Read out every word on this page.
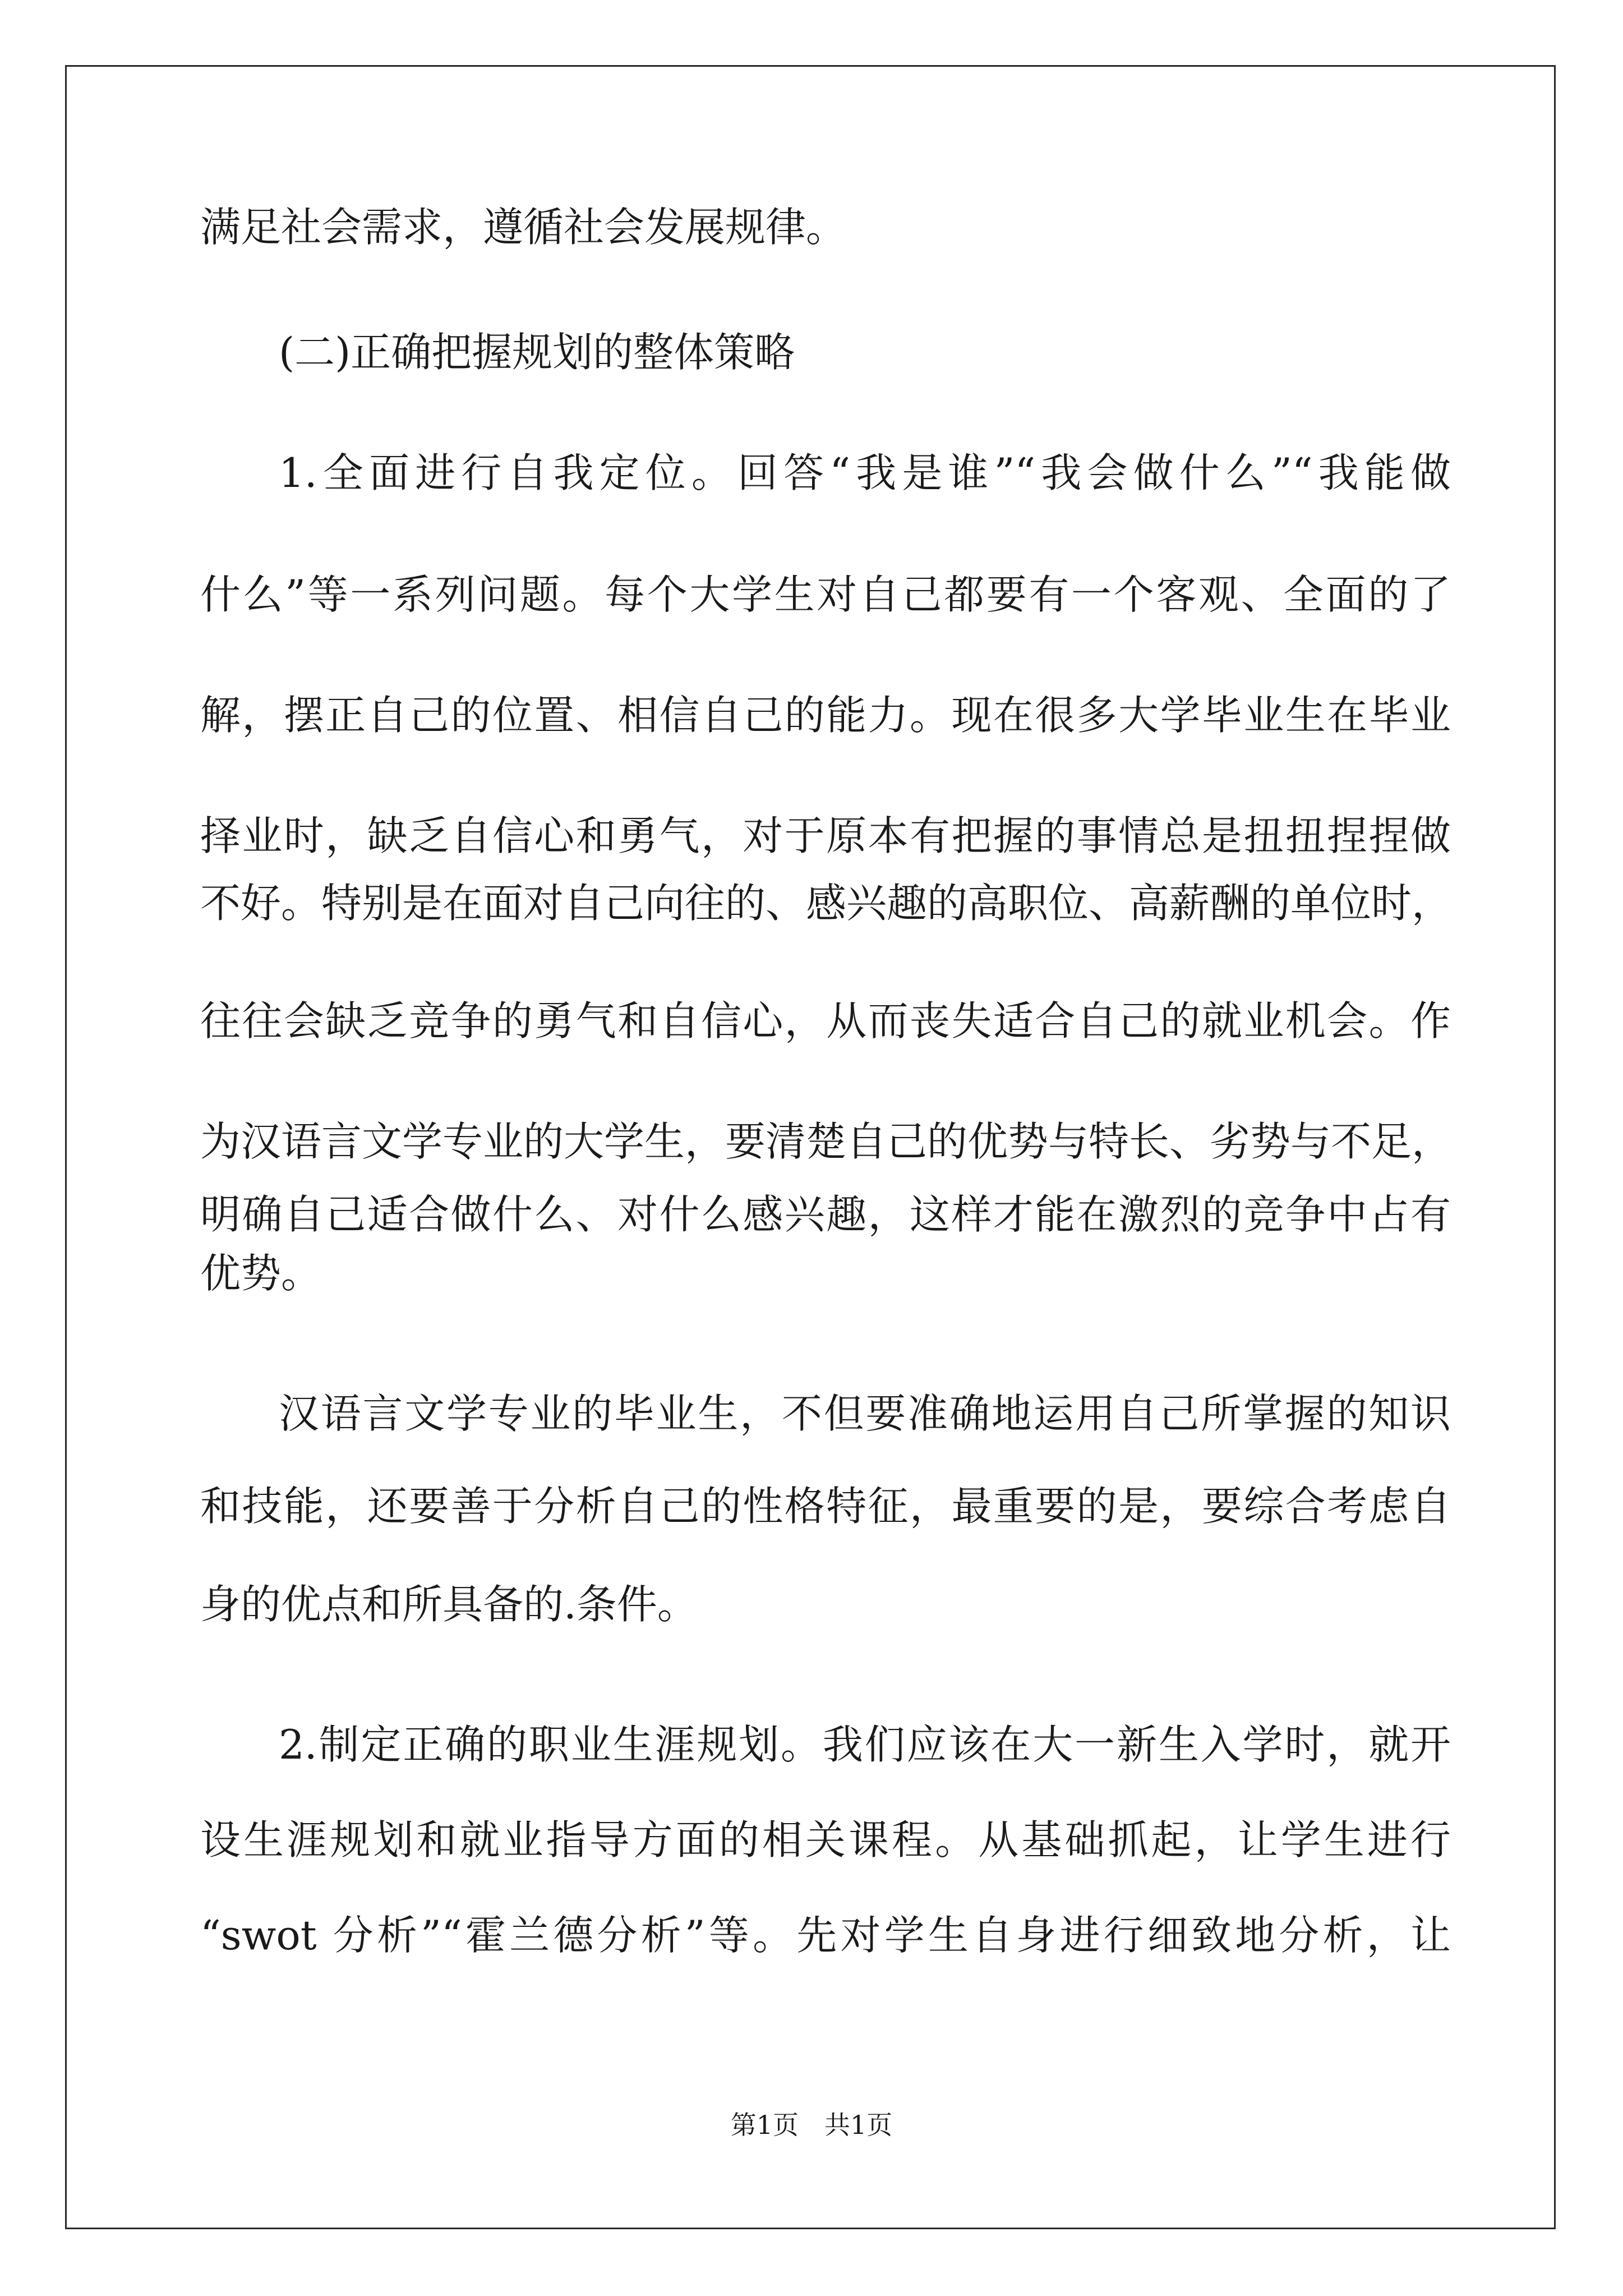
满足社会需求，遵循社会发展规律。

(二)正确把握规划的整体策略

1.全面进行自我定位。回答“我是谁”“我会做什么”“我能做

什么”等一系列问题。每个大学生对自己都要有一个客观、全面的了

解，摆正自己的位置、相信自己的能力。现在很多大学毕业生在毕业

择业时，缺乏自信心和勇气，对于原本有把握的事情总是扭扭捏捏做

不好。特别是在面对自己向往的、感兴趣的高职位、高薪酬的单位时，

往往会缺乏竞争的勇气和自信心，从而丧失适合自己的就业机会。作

为汉语言文学专业的大学生，要清楚自己的优势与特长、劣势与不足，

明确自己适合做什么、对什么感兴趣，这样才能在激烈的竞争中占有

优势。

汉语言文学专业的毕业生，不但要准确地运用自己所掌握的知识

和技能，还要善于分析自己的性格特征，最重要的是，要综合考虑自

身的优点和所具备的.条件。

2.制定正确的职业生涯规划。我们应该在大一新生入学时，就开

设生涯规划和就业指导方面的相关课程。从基础抓起，让学生进行

“swot 分析”“霍兰德分析”等。先对学生自身进行细致地分析，让

第1页 共1页
